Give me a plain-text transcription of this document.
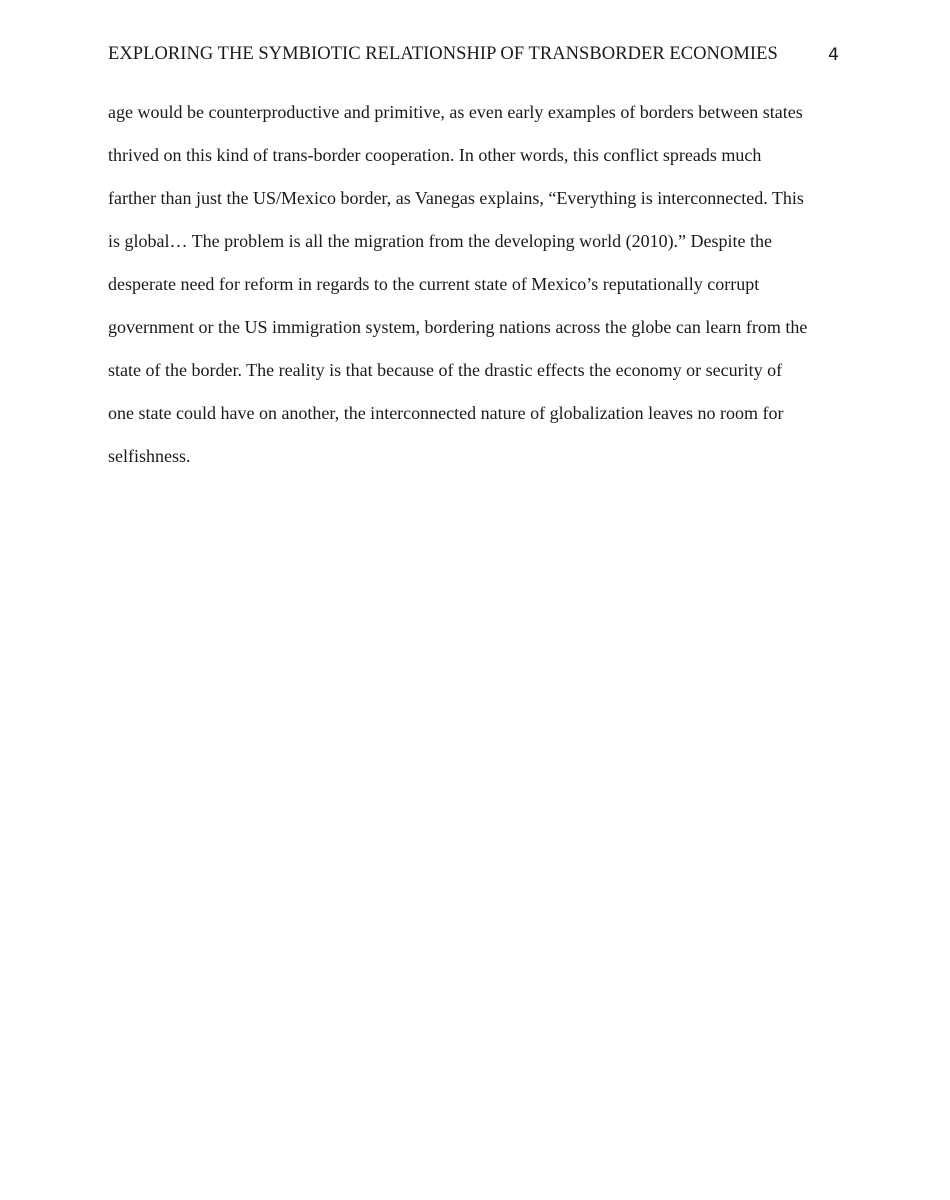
EXPLORING THE SYMBIOTIC RELATIONSHIP OF TRANSBORDER ECONOMIES	4
age would be counterproductive and primitive, as even early examples of borders between states
thrived on this kind of trans-border cooperation. In other words, this conflict spreads much
farther than just the US/Mexico border, as Vanegas explains, “Everything is interconnected. This
is global… The problem is all the migration from the developing world (2010).” Despite the
desperate need for reform in regards to the current state of Mexico’s reputationally corrupt
government or the US immigration system, bordering nations across the globe can learn from the
state of the border. The reality is that because of the drastic effects the economy or security of
one state could have on another, the interconnected nature of globalization leaves no room for
selfishness.
